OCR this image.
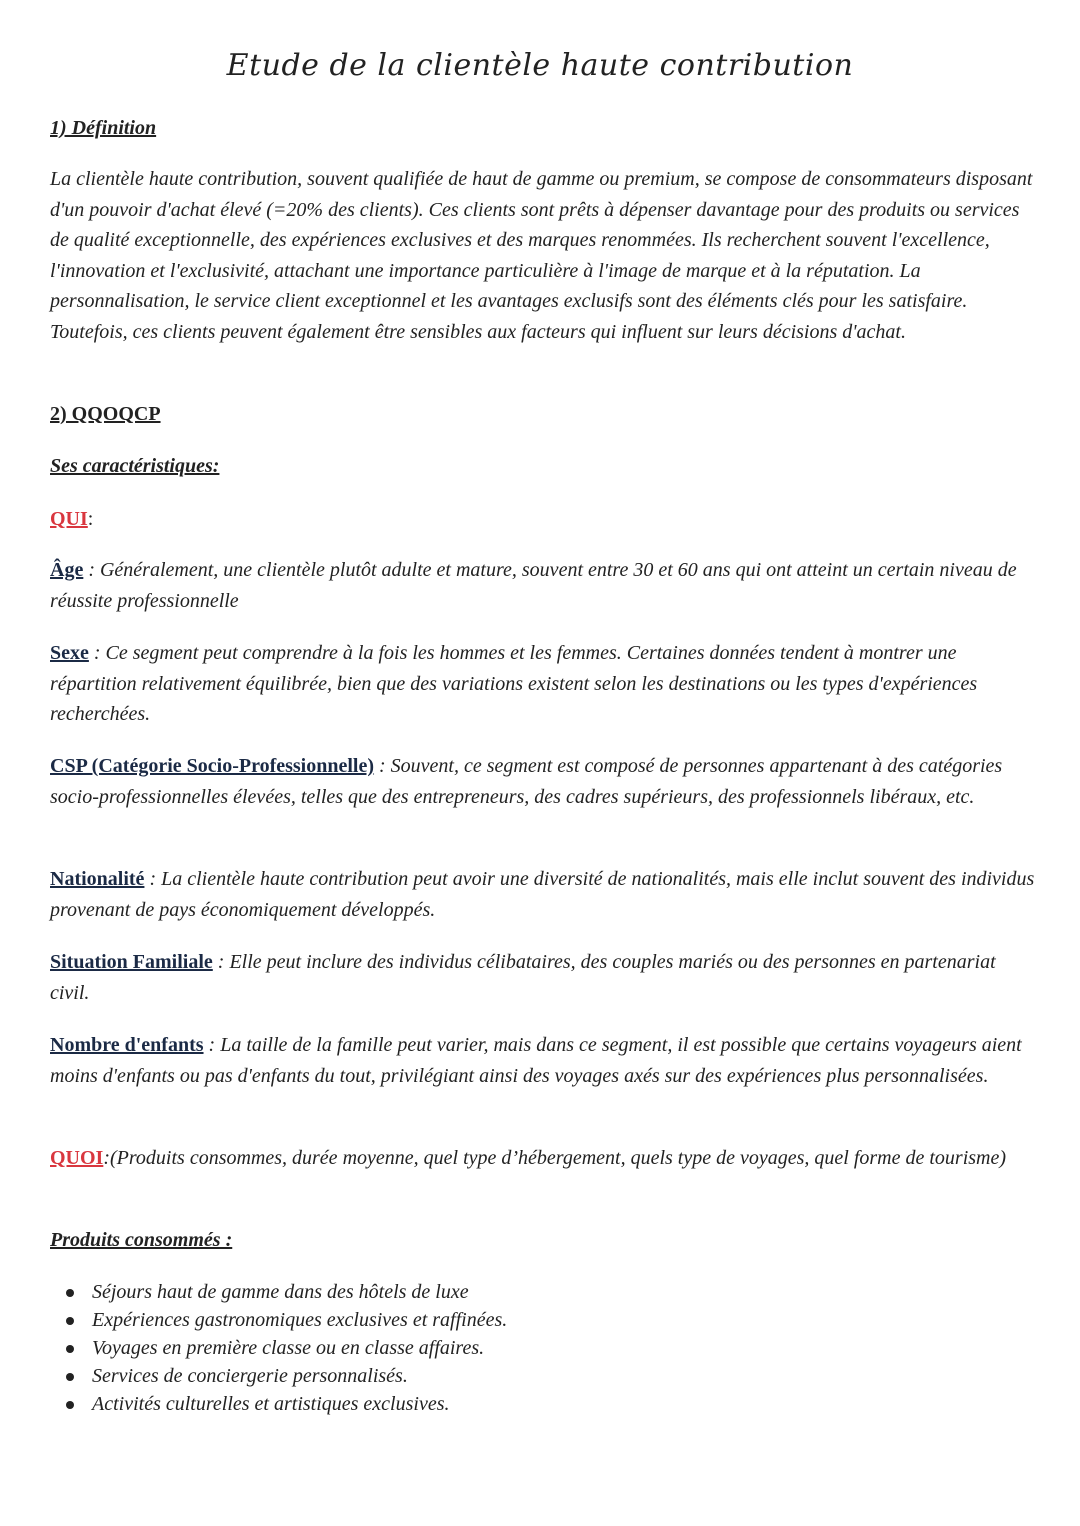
Etude de la clientèle haute contribution
1) Définition
La clientèle haute contribution, souvent qualifiée de haut de gamme ou premium, se compose de consommateurs disposant d'un pouvoir d'achat élevé (=20% des clients). Ces clients sont prêts à dépenser davantage pour des produits ou services de qualité exceptionnelle, des expériences exclusives et des marques renommées. Ils recherchent souvent l'excellence, l'innovation et l'exclusivité, attachant une importance particulière à l'image de marque et à la réputation. La personnalisation, le service client exceptionnel et les avantages exclusifs sont des éléments clés pour les satisfaire. Toutefois, ces clients peuvent également être sensibles aux facteurs qui influent sur leurs décisions d'achat.
2) QQOQCP
Ses caractéristiques:
QUI:
Âge : Généralement, une clientèle plutôt adulte et mature, souvent entre 30 et 60 ans qui ont atteint un certain niveau de réussite professionnelle
Sexe : Ce segment peut comprendre à la fois les hommes et les femmes. Certaines données tendent à montrer une répartition relativement équilibrée, bien que des variations existent selon les destinations ou les types d'expériences recherchées.
CSP (Catégorie Socio-Professionnelle) : Souvent, ce segment est composé de personnes appartenant à des catégories socio-professionnelles élevées, telles que des entrepreneurs, des cadres supérieurs, des professionnels libéraux, etc.
Nationalité : La clientèle haute contribution peut avoir une diversité de nationalités, mais elle inclut souvent des individus provenant de pays économiquement développés.
Situation Familiale : Elle peut inclure des individus célibataires, des couples mariés ou des personnes en partenariat civil.
Nombre d'enfants : La taille de la famille peut varier, mais dans ce segment, il est possible que certains voyageurs aient moins d'enfants ou pas d'enfants du tout, privilégiant ainsi des voyages axés sur des expériences plus personnalisées.
QUOI:(Produits consommes, durée moyenne, quel type d’hébergement, quels type de voyages, quel forme de tourisme)
Produits consommés :
Séjours haut de gamme dans des hôtels de luxe
Expériences gastronomiques exclusives et raffinées.
Voyages en première classe ou en classe affaires.
Services de conciergerie personnalisés.
Activités culturelles et artistiques exclusives.
